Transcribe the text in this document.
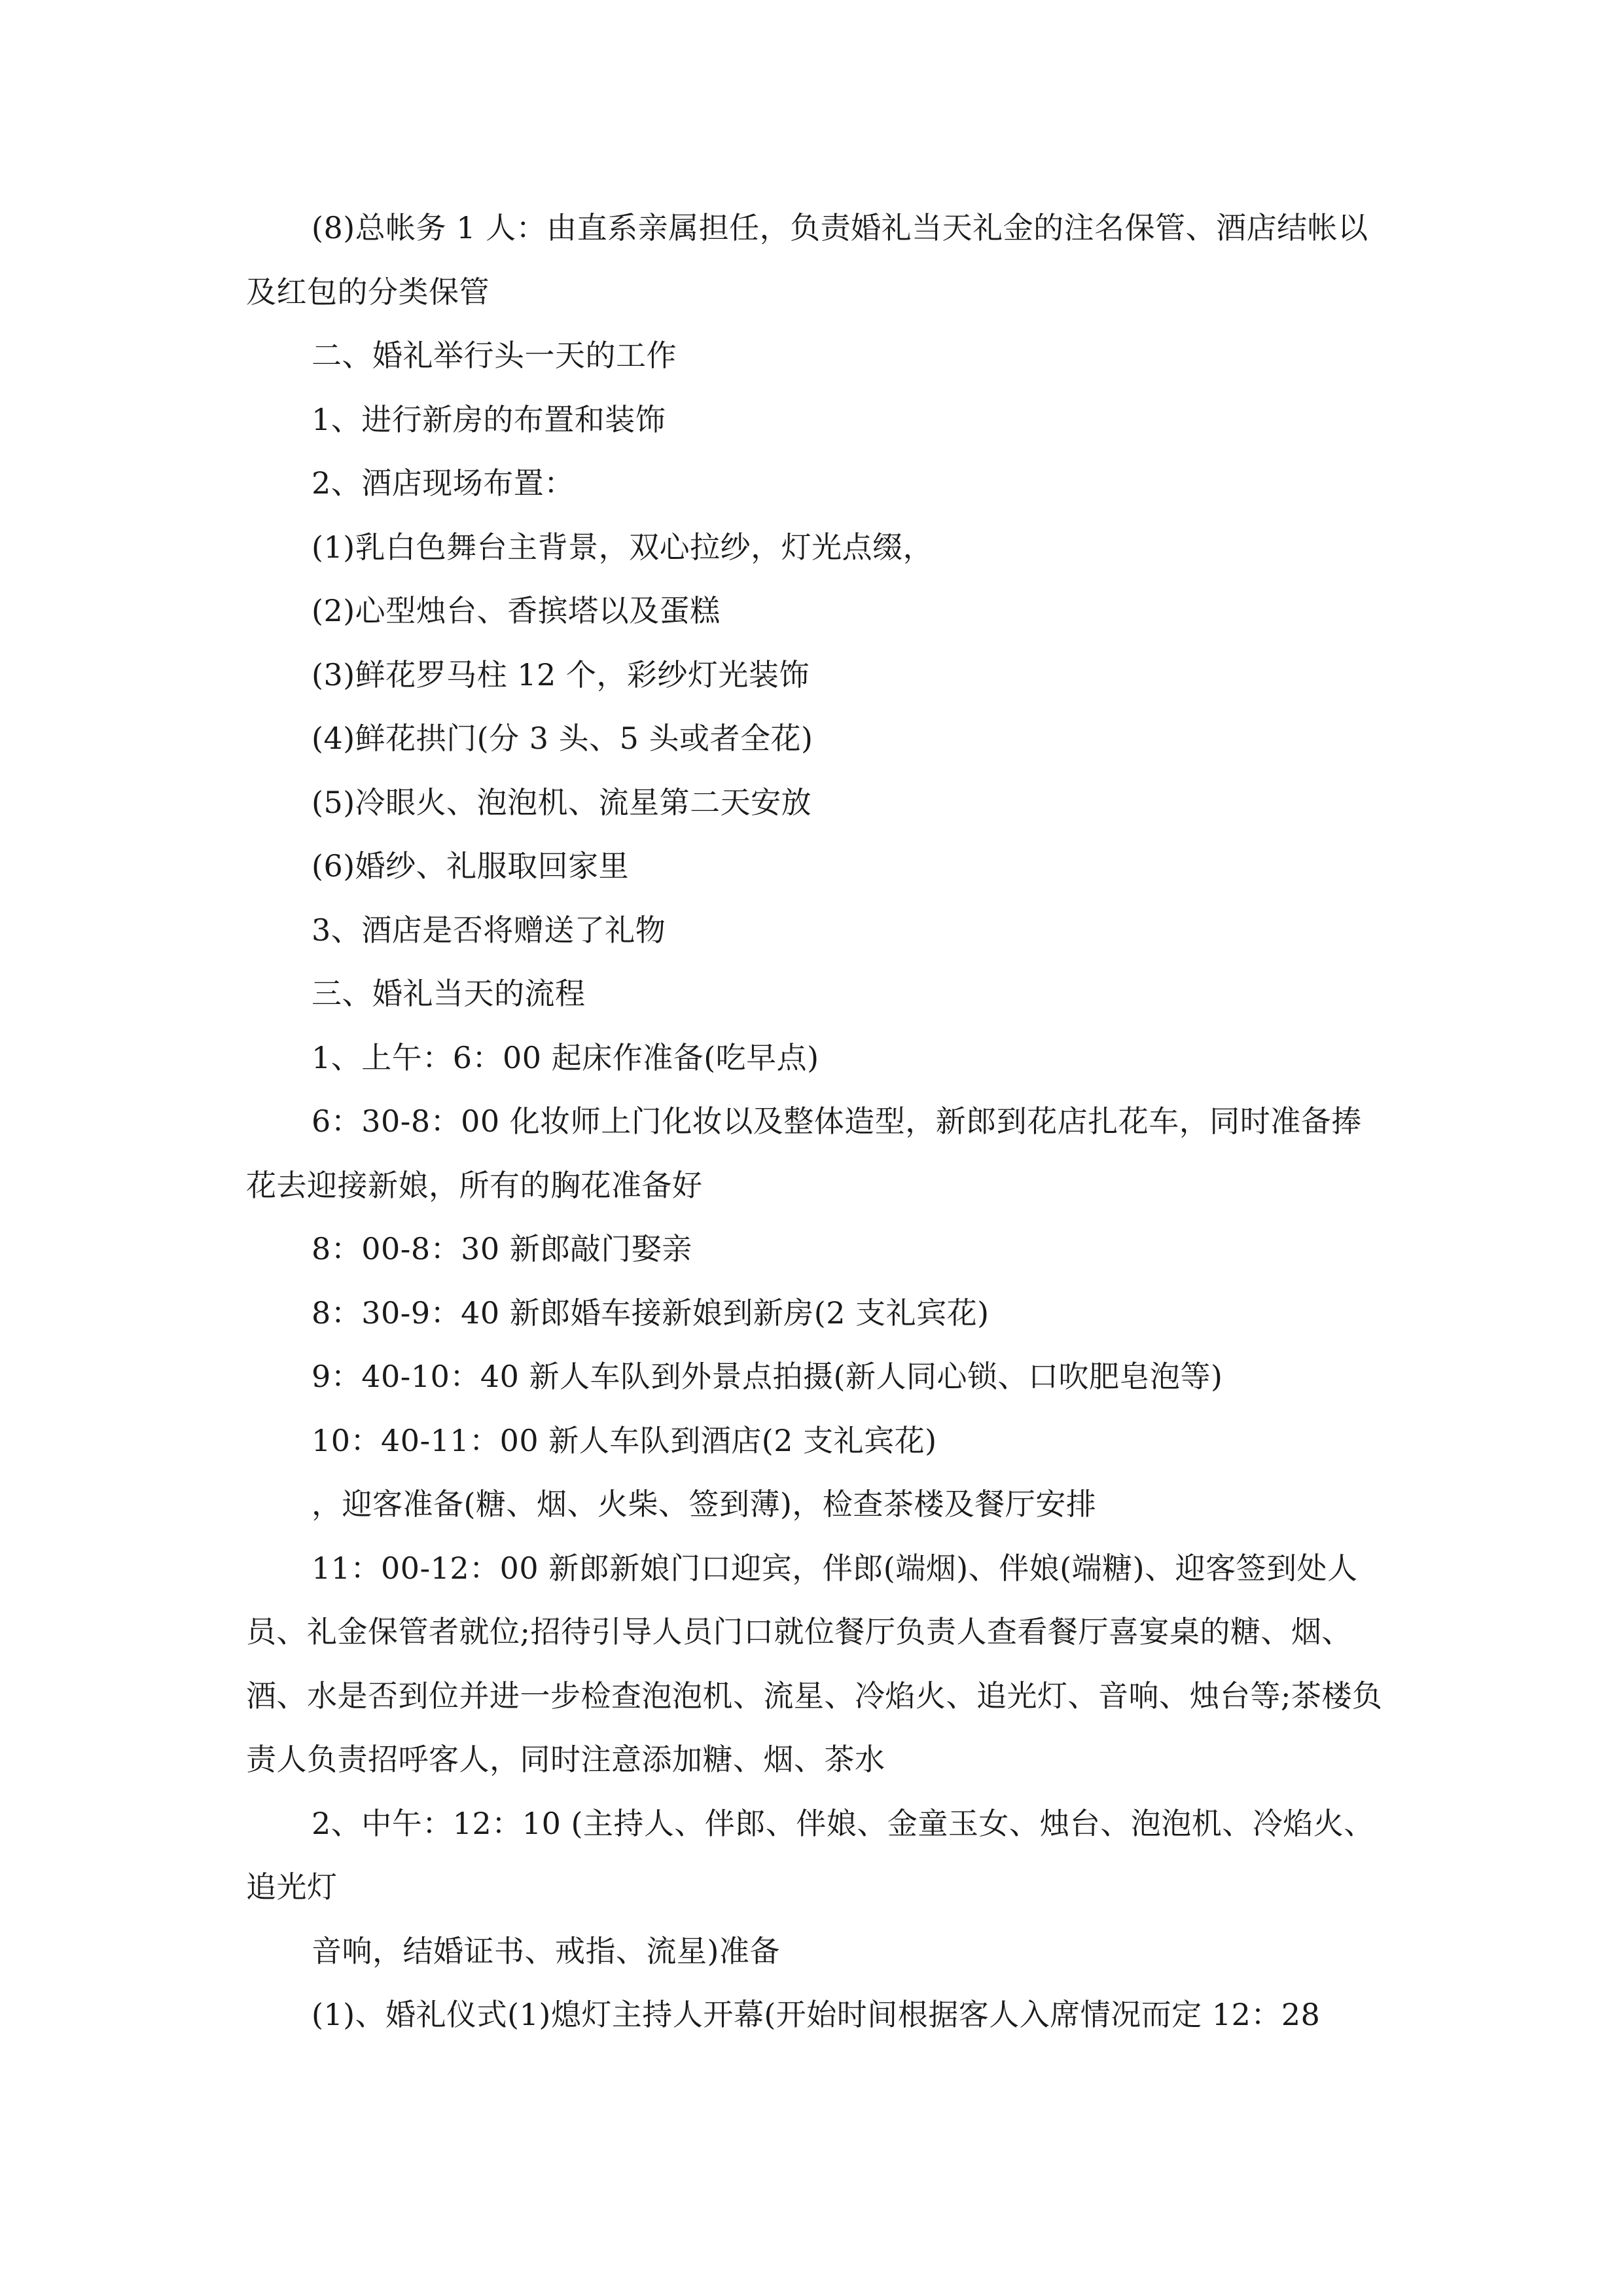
(8)总帐务 1 人：由直系亲属担任，负责婚礼当天礼金的注名保管、酒店结帐以及红包的分类保管

二、婚礼举行头一天的工作

1、进行新房的布置和装饰

2、酒店现场布置：

(1)乳白色舞台主背景，双心拉纱，灯光点缀，

(2)心型烛台、香摈塔以及蛋糕

(3)鲜花罗马柱 12 个，彩纱灯光装饰

(4)鲜花拱门(分 3 头、5 头或者全花)

(5)冷眼火、泡泡机、流星第二天安放

(6)婚纱、礼服取回家里

3、酒店是否将赠送了礼物

三、婚礼当天的流程

1、上午：6：00 起床作准备(吃早点)

6：30-8：00 化妆师上门化妆以及整体造型，新郎到花店扎花车，同时准备捧花去迎接新娘，所有的胸花准备好

8：00-8：30 新郎敲门娶亲

8：30-9：40 新郎婚车接新娘到新房(2 支礼宾花)

9：40-10：40 新人车队到外景点拍摄(新人同心锁、口吹肥皂泡等)

10：40-11：00 新人车队到酒店(2 支礼宾花)

，迎客准备(糖、烟、火柴、签到薄)，检查茶楼及餐厅安排

11：00-12：00 新郎新娘门口迎宾，伴郎(端烟)、伴娘(端糖)、迎客签到处人员、礼金保管者就位;招待引导人员门口就位餐厅负责人查看餐厅喜宴桌的糖、烟、酒、水是否到位并进一步检查泡泡机、流星、冷焰火、追光灯、音响、烛台等;茶楼负责人负责招呼客人，同时注意添加糖、烟、茶水

2、中午：12：10 (主持人、伴郎、伴娘、金童玉女、烛台、泡泡机、冷焰火、追光灯

音响，结婚证书、戒指、流星)准备

(1)、婚礼仪式(1)熄灯主持人开幕(开始时间根据客人入席情况而定 12：28
